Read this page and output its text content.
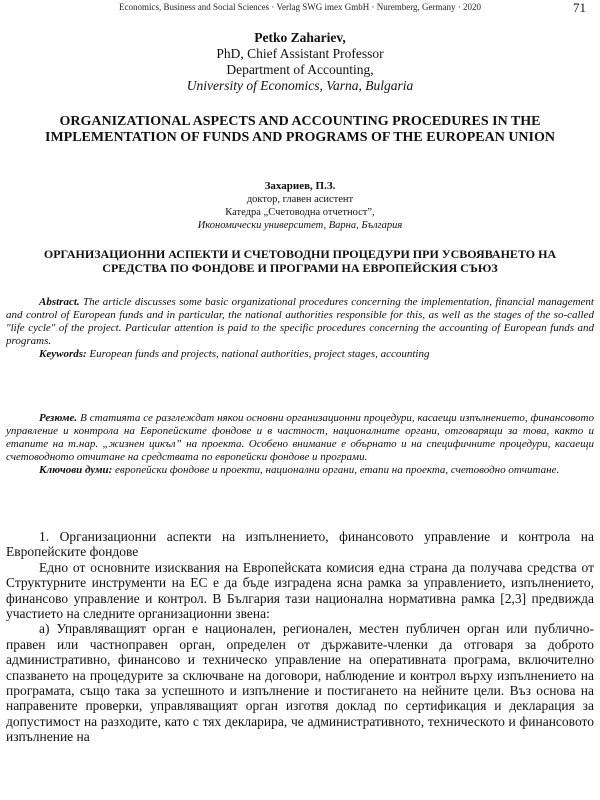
Economics, Business and Social Sciences · Verlag SWG imex GmbH · Nuremberg, Germany · 2020	71
Petko Zahariev,
PhD, Chief Assistant Professor
Department of Accounting,
University of Economics, Varna, Bulgaria
ORGANIZATIONAL ASPECTS AND ACCOUNTING PROCEDURES IN THE IMPLEMENTATION OF FUNDS AND PROGRAMS OF THE EUROPEAN UNION
Захариев, П.З.
доктор, главен асистент
Катедра „Счетоводна отчетност”,
Икономически университет, Варна, България
ОРГАНИЗАЦИОННИ АСПЕКТИ И СЧЕТОВОДНИ ПРОЦЕДУРИ ПРИ УСВОЯВАНЕТО НА СРЕДСТВА ПО ФОНДОВЕ И ПРОГРАМИ НА ЕВРОПЕЙСКИЯ СЪЮЗ
Abstract. The article discusses some basic organizational procedures concerning the implementation, financial management and control of European funds and in particular, the national authorities responsible for this, as well as the stages of the so-called "life cycle" of the project. Particular attention is paid to the specific procedures concerning the accounting of European funds and programs.
Keywords: European funds and projects, national authorities, project stages, accounting
Резюме. В статията се разглеждат някои основни организационни процедури, касаещи изпълнението, финансовото управление и контрола на Европейските фондове и в частност, националните органи, отговарящи за това, както и етапите на т.нар. „жизнен цикъл” на проекта. Особено внимание е обърнато и на специфичните процедури, касаещи счетоводното отчитане на средствата по европейски фондове и програми.
Ключови думи: европейски фондове и проекти, национални органи, етапи на проекта, счетоводно отчитане.
1. Организационни аспекти на изпълнението, финансовото управление и контрола на Европейските фондове
Едно от основните изисквания на Европейската комисия една страна да получава средства от Структурните инструменти на ЕС е да бъде изградена ясна рамка за управлението, изпълнението, финансово управление и контрол. В България тази национална нормативна рамка [2,3] предвижда участието на следните организационни звена:
а) Управляващият орган е национален, регионален, местен публичен орган или публично-правен или частноправен орган, определен от държавите-членки да отговаря за доброто административно, финансово и техническо управление на оперативната програма, включително спазването на процедурите за сключване на договори, наблюдение и контрол върху изпълнението на програмата, също така за успешното и изпълнение и постигането на нейните цели. Въз основа на направените проверки, управляващият орган изготвя доклад по сертификация и декларация за допустимост на разходите, като с тях декларира, че административното, техническото и финансовото изпълнение на
